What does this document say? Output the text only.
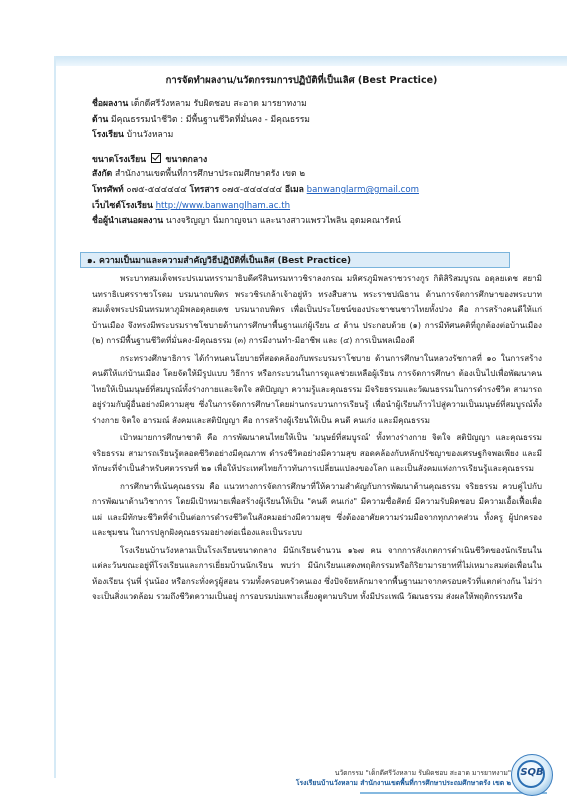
การจัดทำผลงาน/นวัตกรรมการปฏิบัติที่เป็นเลิศ (Best Practice)
ชื่อผลงาน เด็กดีศรีวังหลาม รับผิดชอบ สะอาด มารยาทงาม
ด้าน มีคุณธรรมนำชีวิต : มีพื้นฐานชีวิตที่มั่นคง - มีคุณธรรม
โรงเรียน บ้านวังหลาม
ขนาดโรงเรียน ขนาดกลาง
สังกัด สำนักงานเขตพื้นที่การศึกษาประถมศึกษาตรัง เขต ๒
โทรศัพท์ ๐๗๕-๕๔๔๔๔๔ โทรสาร ๐๗๕-๕๔๔๔๔๔ อีเมล banwanglarm@gmail.com
เว็บไซต์โรงเรียน http://www.banwanglham.ac.th
ชื่อผู้นำเสนอผลงาน นางจริญญา นิ่มกาญจนา และนางสาวแพรวไพลิน อุดมคณารัตน์
๑. ความเป็นมาและความสำคัญวิธีปฏิบัติที่เป็นเลิศ (Best Practice)

พระบาทสมเด็จพระปรเมนทรรามาธิบดีศรีสินทรมหาวชิราลงกรณ มหิศรภูมิพลราชวรางกูร กิติสิริสมบูรณ อดุลยเดช สยามินทราธิเบศรราชวโรดม บรมนาถบพิตร พระวชิรเกล้าเจ้าอยู่หัว ทรงสืบสาน พระราชปณิธาน ด้านการจัดการศึกษาของพระบาทสมเด็จพระปรมินทรมหาภูมิพลอดุลยเดช บรมนาถบพิตร เพื่อเป็นประโยชน์ของประชาชนชาวไทยทั้งปวง คือ การสร้างคนดีให้แก่บ้านเมือง จึงทรงมีพระบรมราชโชบายด้านการศึกษาพื้นฐานแก่ผู้เรียน ๔ ด้าน ประกอบด้วย (๑) การมีทัศนคติที่ถูกต้องต่อบ้านเมือง (๒) การมีพื้นฐานชีวิตที่มั่นคง-มีคุณธรรม (๓) การมีงานทำ-มีอาชีพ และ (๔) การเป็นพลเมืองดี

กระทรวงศึกษาธิการ ได้กำหนดนโยบายที่สอดคล้องกับพระบรมราโชบาย ด้านการศึกษาในหลวงรัชกาลที่ ๑๐ ในการสร้างคนดีให้แก่บ้านเมือง โดยจัดให้มีรูปแบบ วิธีการ หรือกระบวนในการดูแลช่วยเหลือผู้เรียน การจัดการศึกษา ต้องเป็นไปเพื่อพัฒนาคนไทยให้เป็นมนุษย์ที่สมบูรณ์ทั้งร่างกายและจิตใจ สติปัญญา ความรู้และคุณธรรม มีจริยธรรมและวัฒนธรรมในการดำรงชีวิต สามารถอยู่ร่วมกับผู้อื่นอย่างมีความสุข ซึ่งในการจัดการศึกษาโดยผ่านกระบวนการเรียนรู้ เพื่อนำผู้เรียนก้าวไปสู่ความเป็นมนุษย์ที่สมบูรณ์ทั้งร่างกาย จิตใจ อารมณ์ สังคมและสติปัญญา คือ การสร้างผู้เรียนให้เป็น คนดี คนเก่ง และมีคุณธรรม

เป้าหมายการศึกษาชาติ คือ การพัฒนาคนไทยให้เป็น 'มนุษย์ที่สมบูรณ์' ทั้งทางร่างกาย จิตใจ สติปัญญา และคุณธรรม จริยธรรม สามารถเรียนรู้ตลอดชีวิตอย่างมีคุณภาพ ดำรงชีวิตอย่างมีความสุข สอดคล้องกับหลักปรัชญาของเศรษฐกิจพอเพียง และมีทักษะที่จำเป็นสำหรับศตวรรษที่ ๒๑ เพื่อให้ประเทศไทยก้าวทันการเปลี่ยนแปลงของโลก และเป็นสังคมแห่งการเรียนรู้และคุณธรรม

การศึกษาที่เน้นคุณธรรม คือ แนวทางการจัดการศึกษาที่ให้ความสำคัญกับการพัฒนาด้านคุณธรรม จริยธรรม ควบคู่ไปกับการพัฒนาด้านวิชาการ โดยมีเป้าหมายเพื่อสร้างผู้เรียนให้เป็น "คนดี คนเก่ง" มีความซื่อสัตย์ มีความรับผิดชอบ มีความเอื้อเฟื้อเผื่อแผ่ และมีทักษะชีวิตที่จำเป็นต่อการดำรงชีวิตในสังคมอย่างมีความสุข ซึ่งต้องอาศัยความร่วมมือจากทุกภาคส่วน ทั้งครู ผู้ปกครอง และชุมชน ในการปลูกฝังคุณธรรมอย่างต่อเนื่องและเป็นระบบ

โรงเรียนบ้านวังหลามเป็นโรงเรียนขนาดกลาง มีนักเรียนจำนวน ๑๖๗ คน จากการสังเกตการดำเนินชีวิตของนักเรียนในแต่ละวันขณะอยู่ที่โรงเรียนและการเยี่ยมบ้านนักเรียน พบว่า มีนักเรียนแสดงพฤติกรรมหรือกิริยามารยาทที่ไม่เหมาะสมต่อเพื่อนในห้องเรียน รุ่นพี่ รุ่นน้อง หรือกระทั่งครูผู้สอน รวมทั้งครอบครัวคนเอง ซึ่งปัจจัยหลักมาจากพื้นฐานมาจากครอบครัวที่แตกต่างกัน ไม่ว่าจะเป็นสิ่งแวดล้อม รวมถึงชีวิตความเป็นอยู่ การอบรมบ่มเพาะเลี้ยงดูตามบริบท ทั้งมีประเพณี วัฒนธรรม ส่งผลให้พฤติกรรมหรือ

นวัตกรรม "เด็กดีศรีวังหลาม รับผิดชอบ สะอาด มารยาทงาม"
โรงเรียนบ้านวังหลาม สำนักงานเขตพื้นที่การศึกษาประถมศึกษาตรัง เขต ๒
SQB
